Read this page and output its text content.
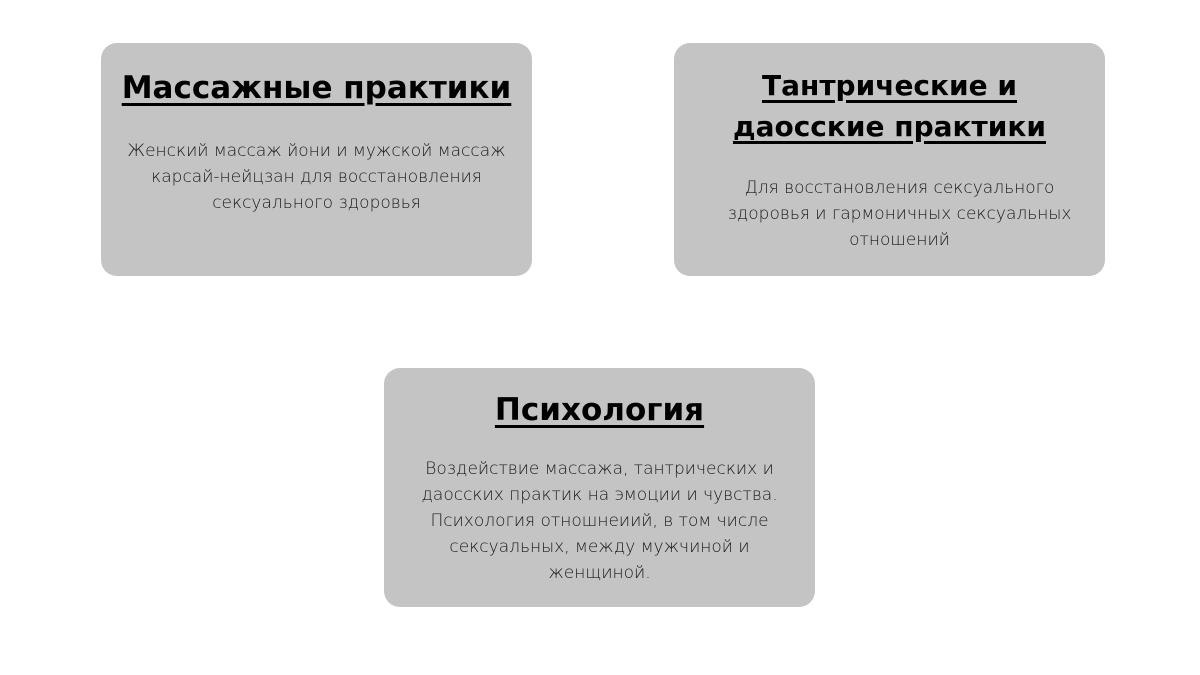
Массажные практики

Женский массаж йони и мужской массаж карсай-нейцзан для восстановления сексуального здоровья

Тантрические и даосские практики

Для восстановления сексуального здоровья и гармоничных сексуальных отношений

Психология

Воздействие массажа, тантрических и даосских практик на эмоции и чувства. Психология отношнеиий, в том числе сексуальных, между мужчиной и женщиной.
